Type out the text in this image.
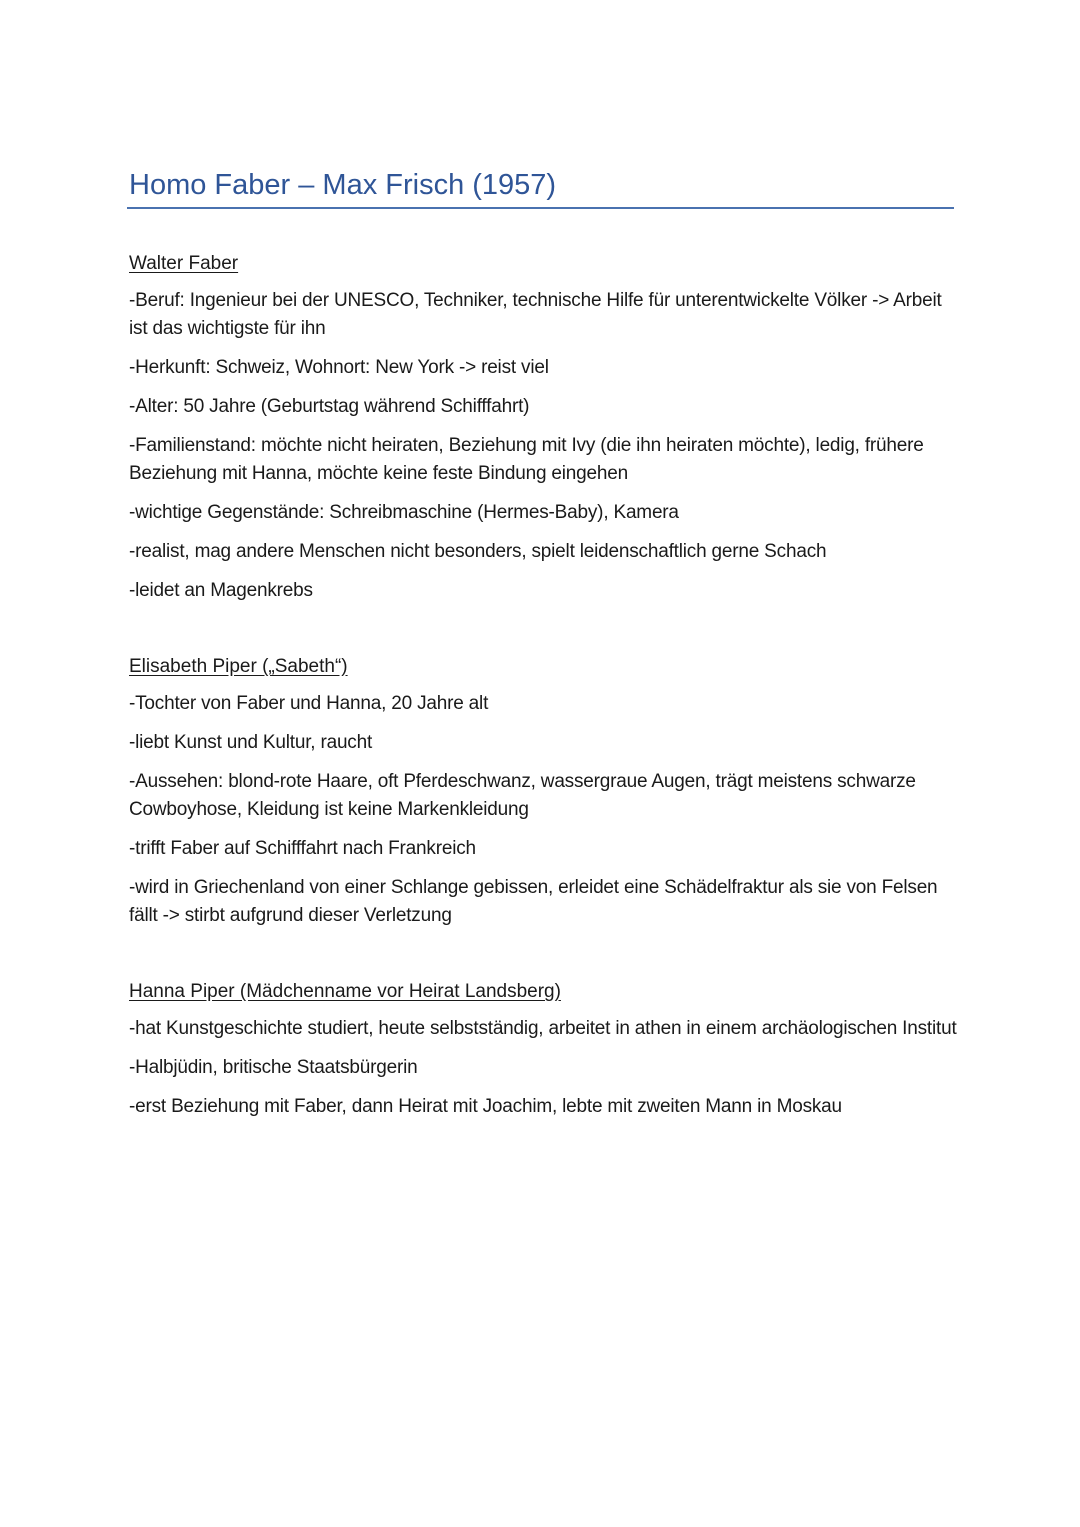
Homo Faber – Max Frisch (1957)
Walter Faber
-Beruf: Ingenieur bei der UNESCO, Techniker, technische Hilfe für unterentwickelte Völker -> Arbeit ist das wichtigste für ihn
-Herkunft: Schweiz, Wohnort: New York -> reist viel
-Alter: 50 Jahre (Geburtstag während Schifffahrt)
-Familienstand: möchte nicht heiraten, Beziehung mit Ivy (die ihn heiraten möchte), ledig, frühere Beziehung mit Hanna, möchte keine feste Bindung eingehen
-wichtige Gegenstände: Schreibmaschine (Hermes-Baby), Kamera
-realist, mag andere Menschen nicht besonders, spielt leidenschaftlich gerne Schach
-leidet an Magenkrebs
Elisabeth Piper („Sabeth“)
-Tochter von Faber und Hanna, 20 Jahre alt
-liebt Kunst und Kultur, raucht
-Aussehen: blond-rote Haare, oft Pferdeschwanz, wassergraue Augen, trägt meistens schwarze Cowboyhose, Kleidung ist keine Markenkleidung
-trifft Faber auf Schifffahrt nach Frankreich
-wird in Griechenland von einer Schlange gebissen, erleidet eine Schädelfraktur als sie von Felsen fällt -> stirbt aufgrund dieser Verletzung
Hanna Piper (Mädchenname vor Heirat Landsberg)
-hat Kunstgeschichte studiert, heute selbstständig, arbeitet in athen in einem archäologischen Institut
-Halbjüdin, britische Staatsbürgerin
-erst Beziehung mit Faber, dann Heirat mit Joachim, lebte mit zweiten Mann in Moskau
